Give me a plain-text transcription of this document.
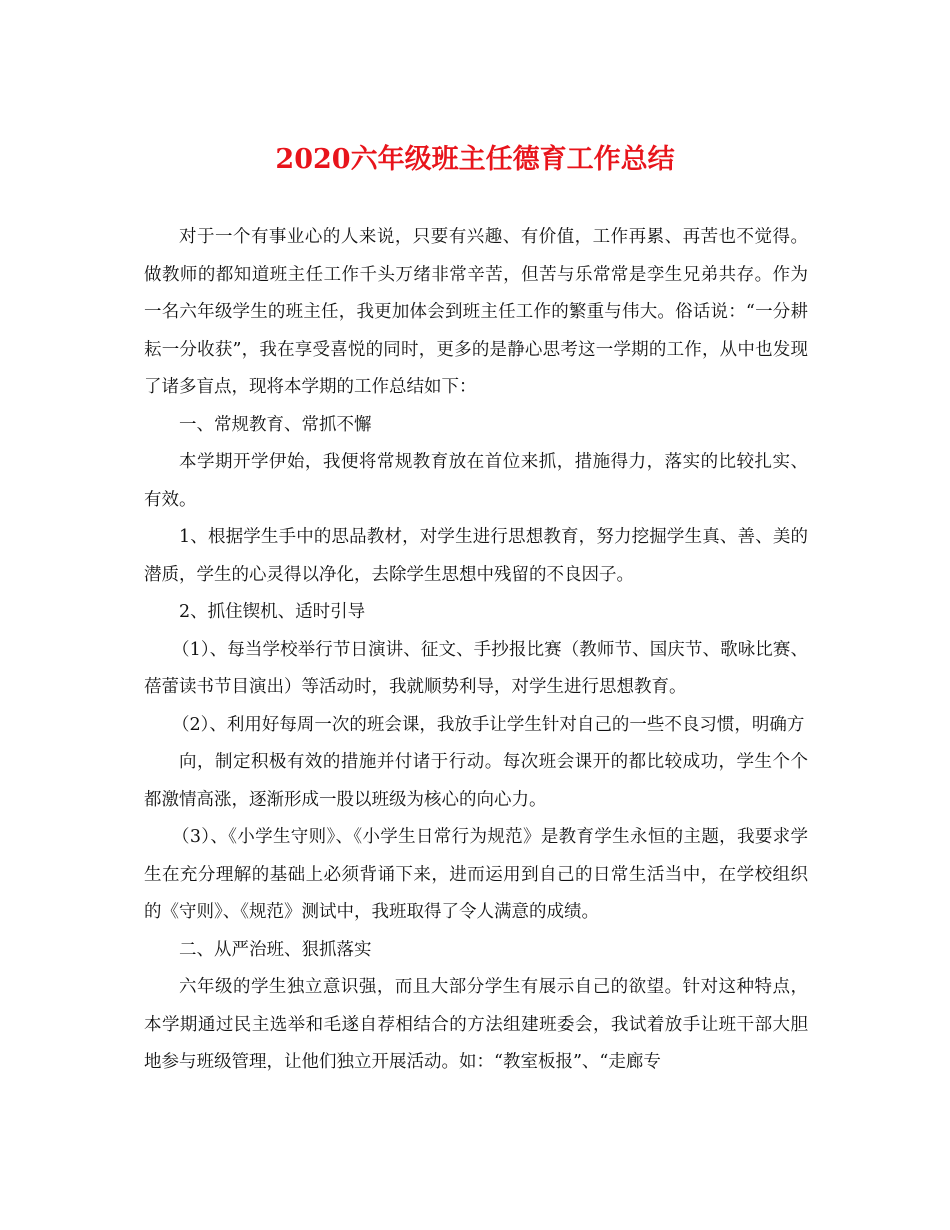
2020六年级班主任德育工作总结

对于一个有事业心的人来说，只要有兴趣、有价值，工作再累、再苦也不觉得。做教师的都知道班主任工作千头万绪非常辛苦，但苦与乐常常是孪生兄弟共存。作为一名六年级学生的班主任，我更加体会到班主任工作的繁重与伟大。俗话说：“一分耕耘一分收获”，我在享受喜悦的同时，更多的是静心思考这一学期的工作，从中也发现了诸多盲点，现将本学期的工作总结如下：

一、常规教育、常抓不懈

本学期开学伊始，我便将常规教育放在首位来抓，措施得力，落实的比较扎实、有效。

1、根据学生手中的思品教材，对学生进行思想教育，努力挖掘学生真、善、美的潜质，学生的心灵得以净化，去除学生思想中残留的不良因子。

2、抓住锲机、适时引导

（1）、每当学校举行节日演讲、征文、手抄报比赛（教师节、国庆节、歌咏比赛、蓓蕾读书节目演出）等活动时，我就顺势利导，对学生进行思想教育。

（2）、利用好每周一次的班会课，我放手让学生针对自己的一些不良习惯，明确方

向，制定积极有效的措施并付诸于行动。每次班会课开的都比较成功，学生个个都激情高涨，逐渐形成一股以班级为核心的向心力。

（3）、《小学生守则》、《小学生日常行为规范》是教育学生永恒的主题，我要求学生在充分理解的基础上必须背诵下来，进而运用到自己的日常生活当中，在学校组织的《守则》、《规范》测试中，我班取得了令人满意的成绩。

二、从严治班、狠抓落实

六年级的学生独立意识强，而且大部分学生有展示自己的欲望。针对这种特点，本学期通过民主选举和毛遂自荐相结合的方法组建班委会，我试着放手让班干部大胆地参与班级管理，让他们独立开展活动。如：“教室板报”、“走廊专
